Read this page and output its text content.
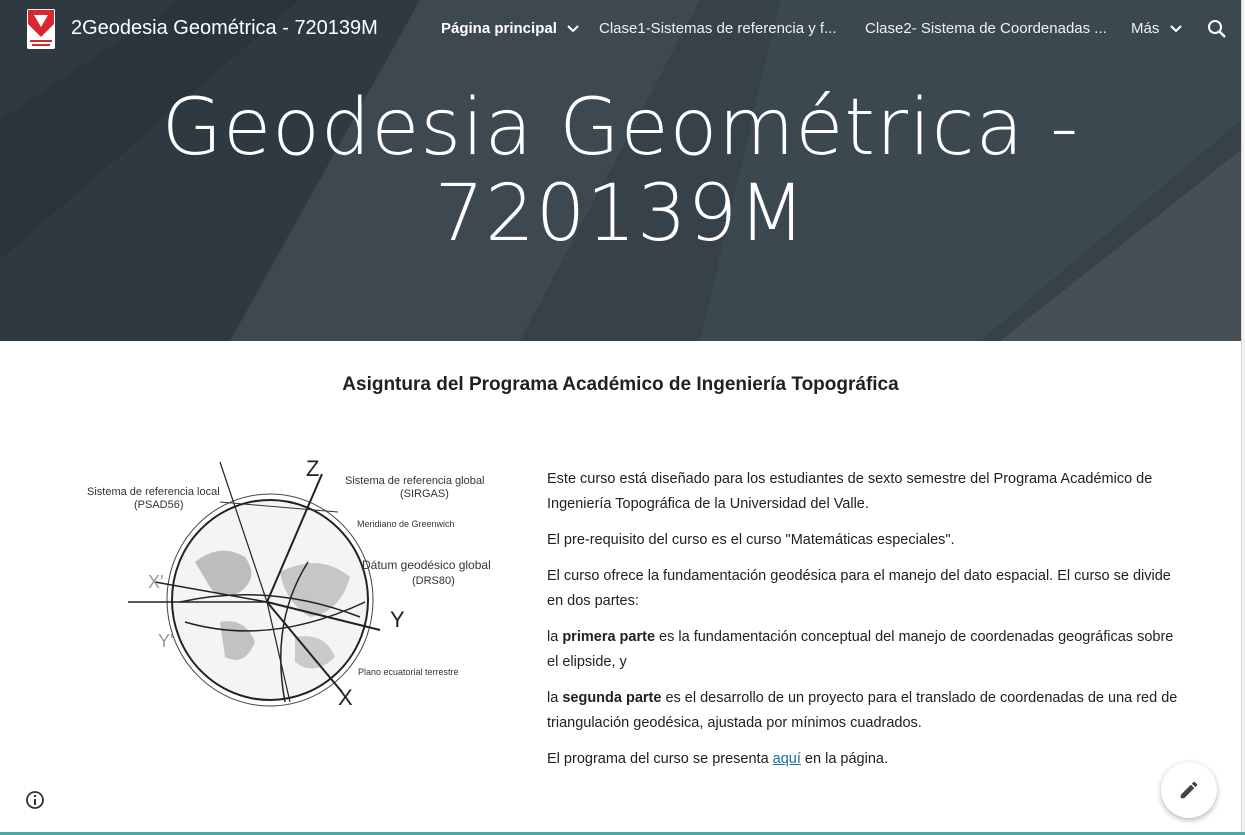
2Geodesia Geométrica - 720139M	Página principal	Clase1-Sistemas de referencia y f... Clase2- Sistema de Coordenadas ... Más
Geodesia Geométrica -
720139M
Asigntura del Programa Académico de Ingeniería Topográfica
Sistema de referencia local
(PSAD56)
Sistema de referencia global
(SIRGAS)
Meridiano de Greenwich
Dátum geodésico global
(DRS80)
Plano ecuatorial terrestre
Z
Y
X
X'
Y'

Este curso está diseñado para los estudiantes de sexto semestre del Programa Académico de Ingeniería Topográfica de la Universidad del Valle.

El pre-requisito del curso es el curso "Matemáticas especiales".

El curso ofrece la fundamentación geodésica para el manejo del dato espacial. El curso se divide en dos partes:

la primera parte es la fundamentación conceptual del manejo de coordenadas geográficas sobre el elipside, y

la segunda parte es el desarrollo de un proyecto para el translado de coordenadas de una red de triangulación geodésica, ajustada por mínimos cuadrados.

El programa del curso se presenta aquí en la página.
